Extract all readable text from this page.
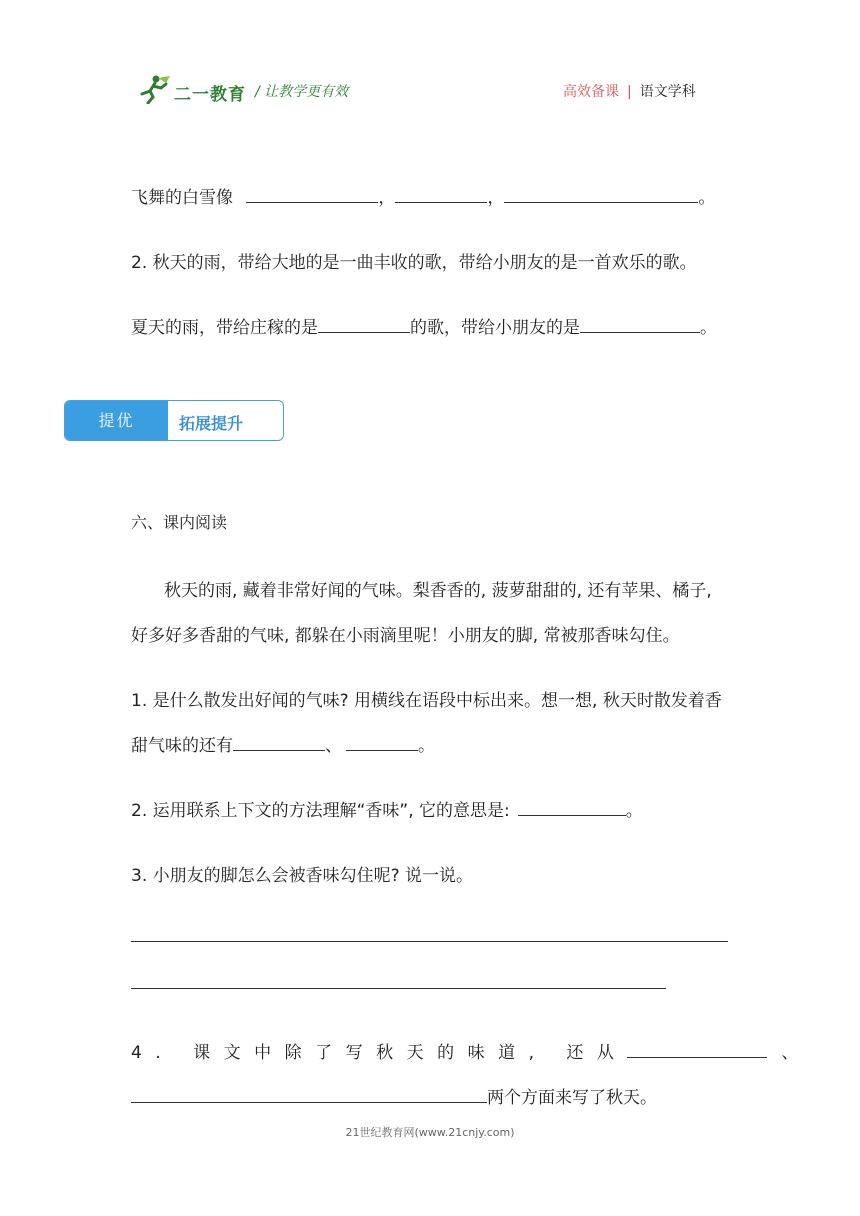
二一教育 / 让教学更有效	高效备课 | 语文学科
飞舞的白雪像	，	，	。
2. 秋天的雨，带给大地的是一曲丰收的歌，带给小朋友的是一首欢乐的歌。
夏天的雨，带给庄稼的是	的歌，带给小朋友的是	。
提优	拓展提升
六、课内阅读
秋天的雨, 藏着非常好闻的气味。梨香香的, 菠萝甜甜的, 还有苹果、橘子,
好多好多香甜的气味, 都躲在小雨滴里呢！小朋友的脚, 常被那香味勾住。
1. 是什么散发出好闻的气味? 用横线在语段中标出来。想一想, 秋天时散发着香
甜气味的还有	、	。
2. 运用联系上下文的方法理解“香味”, 它的意思是:	。
3. 小朋友的脚怎么会被香味勾住呢? 说一说。
4. 课文中除了写秋天的味道, 还从	、
两个方面来写了秋天。
21世纪教育网(www.21cnjy.com)
